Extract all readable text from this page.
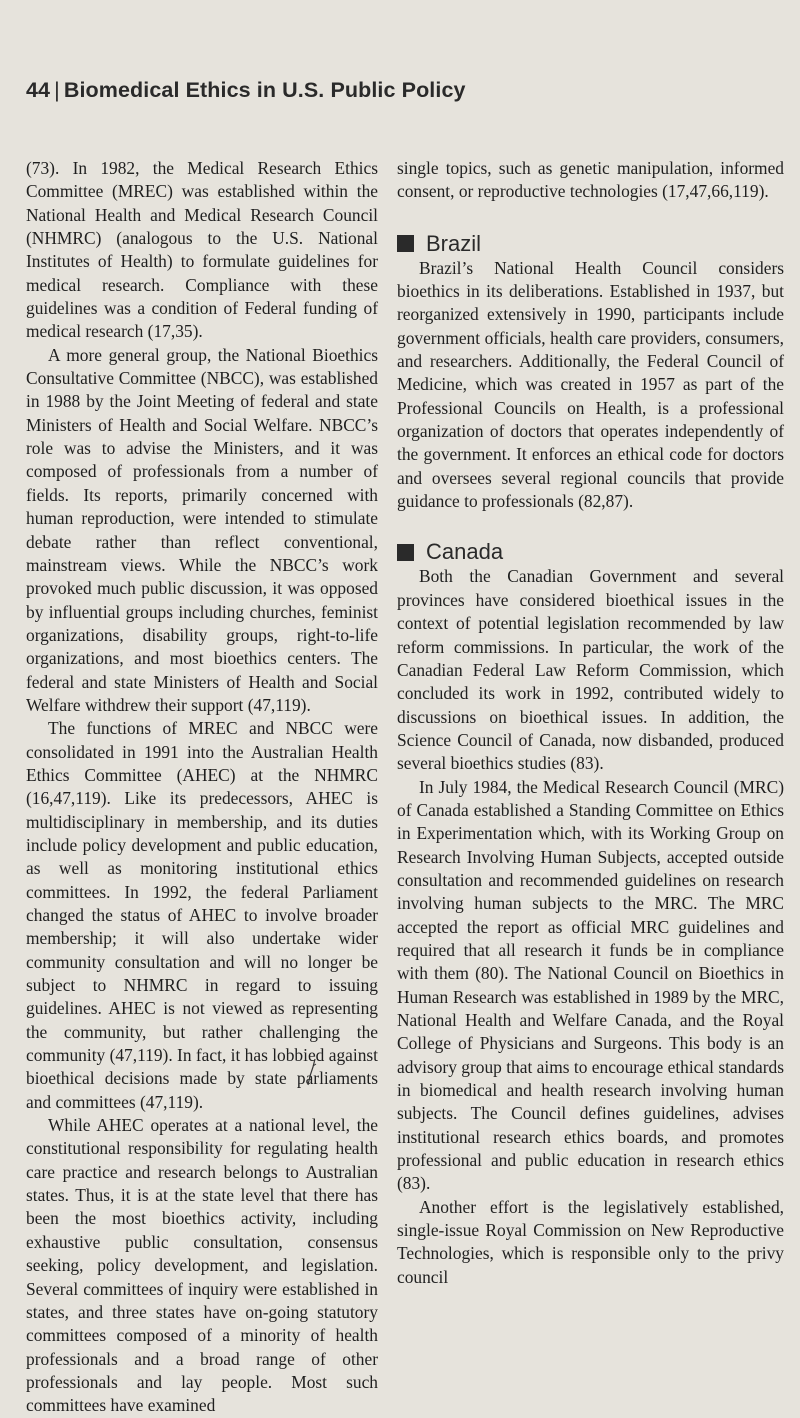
44 | Biomedical Ethics in U.S. Public Policy

(73). In 1982, the Medical Research Ethics Committee (MREC) was established within the National Health and Medical Research Council (NHMRC) (analogous to the U.S. National Institutes of Health) to formulate guidelines for medical research. Compliance with these guidelines was a condition of Federal funding of medical research (17,35).

A more general group, the National Bioethics Consultative Committee (NBCC), was established in 1988 by the Joint Meeting of federal and state Ministers of Health and Social Welfare. NBCC’s role was to advise the Ministers, and it was composed of professionals from a number of fields. Its reports, primarily concerned with human reproduction, were intended to stimulate debate rather than reflect conventional, mainstream views. While the NBCC’s work provoked much public discussion, it was opposed by influential groups including churches, feminist organizations, disability groups, right-to-life organizations, and most bioethics centers. The federal and state Ministers of Health and Social Welfare withdrew their support (47,119).

The functions of MREC and NBCC were consolidated in 1991 into the Australian Health Ethics Committee (AHEC) at the NHMRC (16,47,119). Like its predecessors, AHEC is multidisciplinary in membership, and its duties include policy development and public education, as well as monitoring institutional ethics committees. In 1992, the federal Parliament changed the status of AHEC to involve broader membership; it will also undertake wider community consultation and will no longer be subject to NHMRC in regard to issuing guidelines. AHEC is not viewed as representing the community, but rather challenging the community (47,119). In fact, it has lobbied against bioethical decisions made by state parliaments and committees (47,119).

While AHEC operates at a national level, the constitutional responsibility for regulating health care practice and research belongs to Australian states. Thus, it is at the state level that there has been the most bioethics activity, including exhaustive public consultation, consensus seeking, policy development, and legislation. Several committees of inquiry were established in states, and three states have on-going statutory committees composed of a minority of health professionals and a broad range of other professionals and lay people. Most such committees have examined

single topics, such as genetic manipulation, informed consent, or reproductive technologies (17,47,66,119).

Brazil

Brazil’s National Health Council considers bioethics in its deliberations. Established in 1937, but reorganized extensively in 1990, participants include government officials, health care providers, consumers, and researchers. Additionally, the Federal Council of Medicine, which was created in 1957 as part of the Professional Councils on Health, is a professional organization of doctors that operates independently of the government. It enforces an ethical code for doctors and oversees several regional councils that provide guidance to professionals (82,87).

Canada

Both the Canadian Government and several provinces have considered bioethical issues in the context of potential legislation recommended by law reform commissions. In particular, the work of the Canadian Federal Law Reform Commission, which concluded its work in 1992, contributed widely to discussions on bioethical issues. In addition, the Science Council of Canada, now disbanded, produced several bioethics studies (83).

In July 1984, the Medical Research Council (MRC) of Canada established a Standing Committee on Ethics in Experimentation which, with its Working Group on Research Involving Human Subjects, accepted outside consultation and recommended guidelines on research involving human subjects to the MRC. The MRC accepted the report as official MRC guidelines and required that all research it funds be in compliance with them (80). The National Council on Bioethics in Human Research was established in 1989 by the MRC, National Health and Welfare Canada, and the Royal College of Physicians and Surgeons. This body is an advisory group that aims to encourage ethical standards in biomedical and health research involving human subjects. The Council defines guidelines, advises institutional research ethics boards, and promotes professional and public education in research ethics (83).

Another effort is the legislatively established, single-issue Royal Commission on New Reproductive Technologies, which is responsible only to the privy council
